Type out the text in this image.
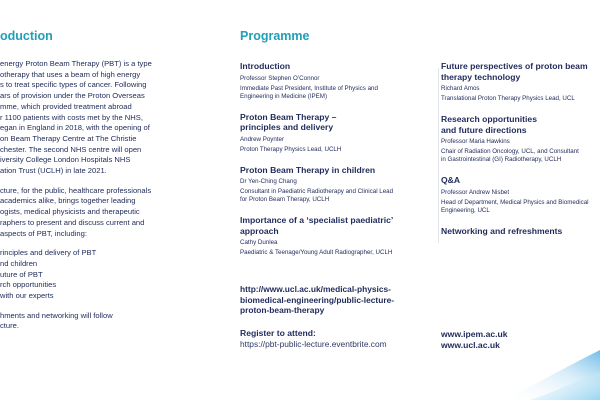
oduction

energy Proton Beam Therapy (PBT) is a type
otherapy that uses a beam of high energy
s to treat specific types of cancer. Following
ars of provision under the Proton Overseas
mme, which provided treatment abroad
r 1100 patients with costs met by the NHS,
egan in England in 2018, with the opening of
on Beam Therapy Centre at The Christie
chester. The second NHS centre will open
iversity College London Hospitals NHS
ation Trust (UCLH) in late 2021.

cture, for the public, healthcare professionals
academics alike, brings together leading
ogists, medical physicists and therapeutic
raphers to present and discuss current and
aspects of PBT, including:

rinciples and delivery of PBT
nd children
uture of PBT
rch opportunities
with our experts

hments and networking will follow
cture.

Programme
Introduction
Professor Stephen O’Connor
Immediate Past President, Institute of Physics and
Engineering in Medicine (IPEM)
Proton Beam Therapy –
principles and delivery
Andrew Poynter
Proton Therapy Physics Lead, UCLH
Proton Beam Therapy in children
Dr Yen-Ching Chang
Consultant in Paediatric Radiotherapy and Clinical Lead
for Proton Beam Therapy, UCLH
Importance of a ‘specialist paediatric’
approach
Cathy Dunlea
Paediatric & Teenage/Young Adult Radiographer, UCLH
Future perspectives of proton beam
therapy technology
Richard Amos
Translational Proton Therapy Physics Lead, UCL
Research opportunities
and future directions
Professor Maria Hawkins
Chair of Radiation Oncology, UCL, and Consultant
in Gastrointestinal (GI) Radiotherapy, UCLH
Q&A
Professor Andrew Nisbet
Head of Department, Medical Physics and Biomedical
Engineering, UCL
Networking and refreshments
http://www.ucl.ac.uk/medical-physics-
biomedical-engineering/public-lecture-
proton-beam-therapy
Register to attend:
https://pbt-public-lecture.eventbrite.com
www.ipem.ac.uk
www.ucl.ac.uk
